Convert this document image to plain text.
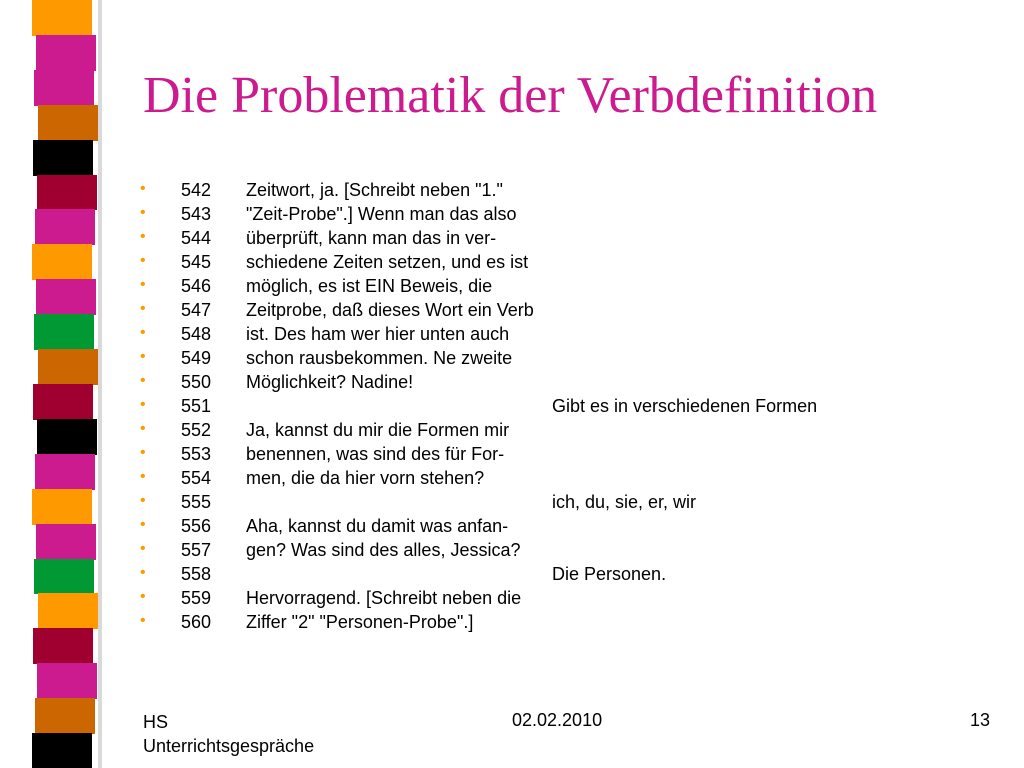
Die Problematik der Verbdefinition
• 542 Zeitwort, ja. [Schreibt neben "1."
• 543 "Zeit-Probe".] Wenn man das also
• 544 überprüft, kann man das in ver-
• 545 schiedene Zeiten setzen, und es ist
• 546 möglich, es ist EIN Beweis, die
• 547 Zeitprobe, daß dieses Wort ein Verb
• 548 ist. Des ham wer hier unten auch
• 549 schon rausbekommen. Ne zweite
• 550 Möglichkeit? Nadine!
• 551	Gibt es in verschiedenen Formen
• 552 Ja, kannst du mir die Formen mir
• 553 benennen, was sind des für For-
• 554 men, die da hier vorn stehen?
• 555	ich, du, sie, er, wir
• 556 Aha, kannst du damit was anfan-
• 557 gen? Was sind des alles, Jessica?
• 558	Die Personen.
• 559 Hervorragend. [Schreibt neben die
• 560 Ziffer "2" "Personen-Probe".]
HS
Unterrichtsgespräche
02.02.2010	13
